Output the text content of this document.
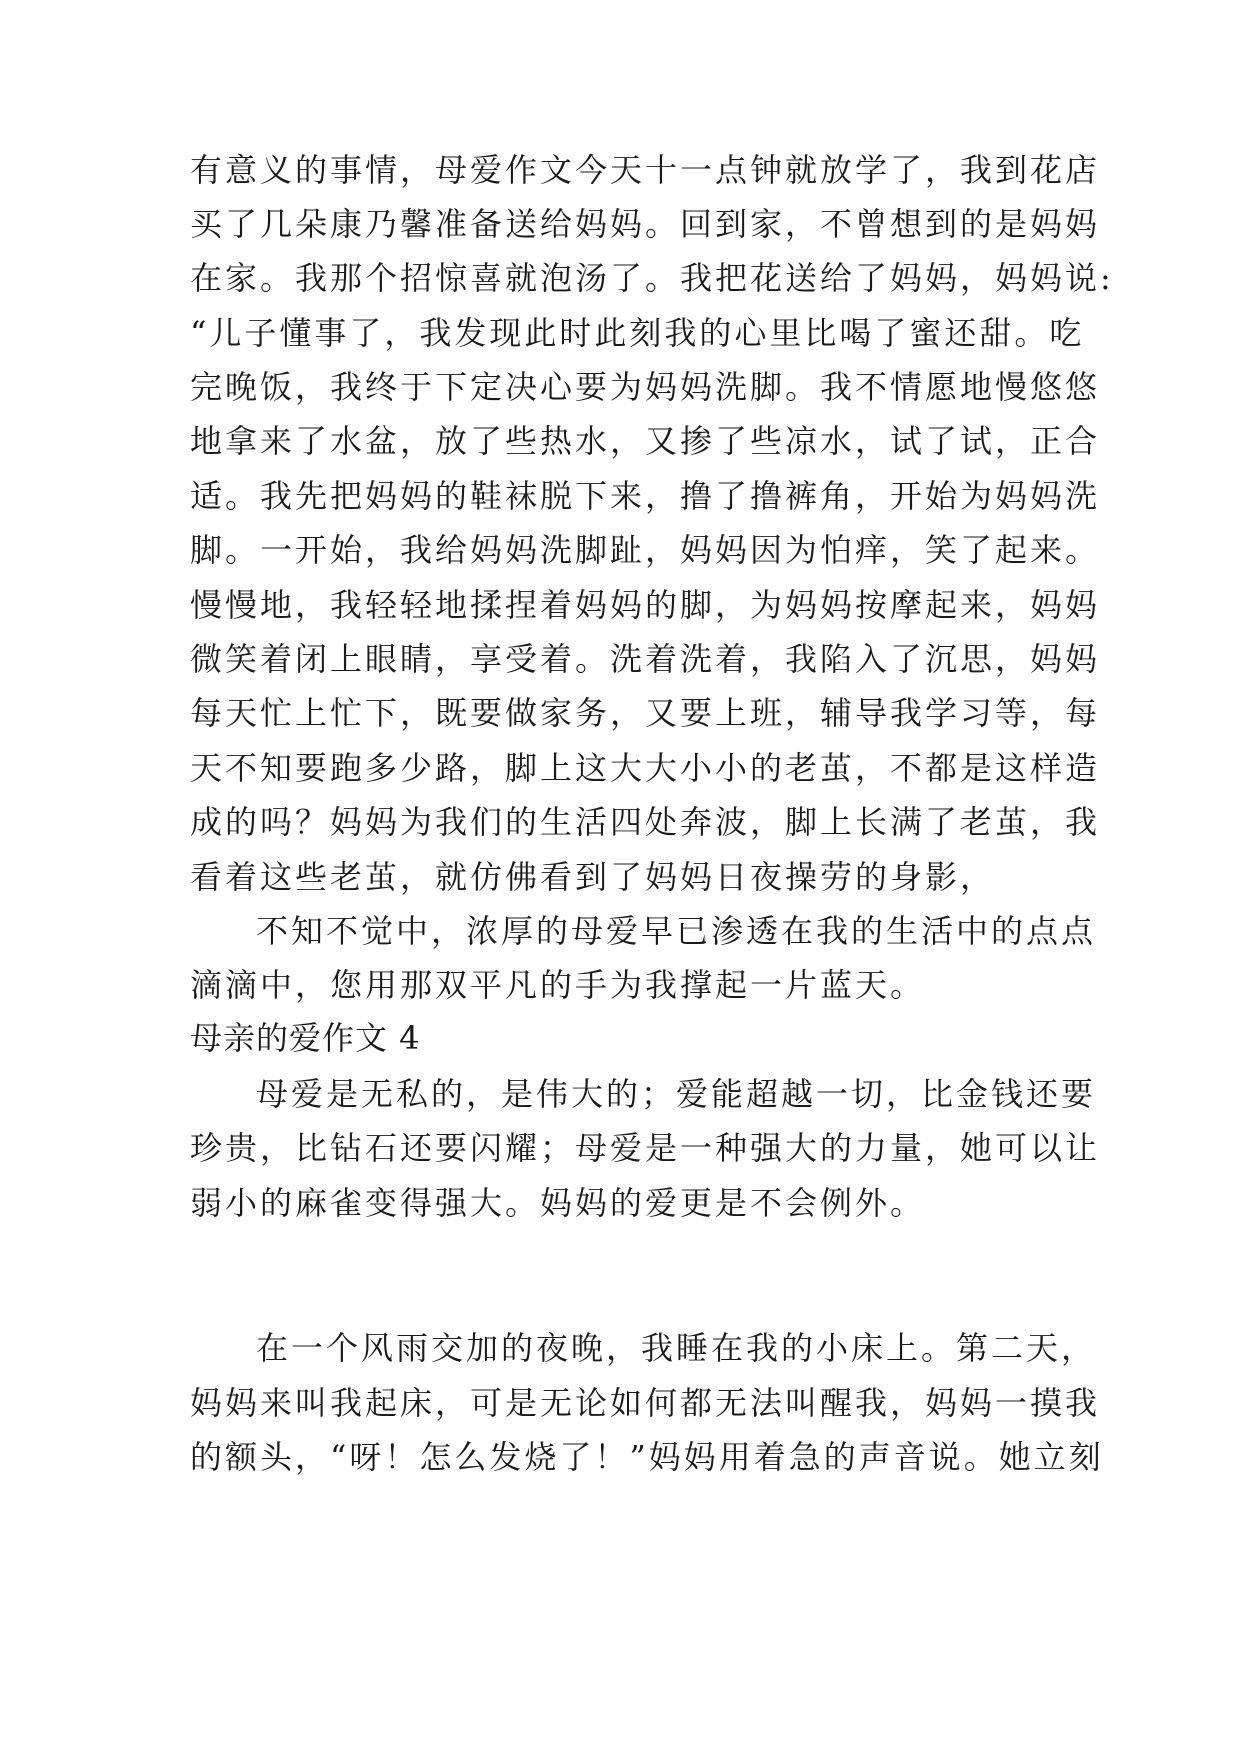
有意义的事情，母爱作文今天十一点钟就放学了，我到花店
买了几朵康乃馨准备送给妈妈。回到家，不曾想到的是妈妈
在家。我那个招惊喜就泡汤了。我把花送给了妈妈，妈妈说:
“儿子懂事了，我发现此时此刻我的心里比喝了蜜还甜。吃
完晚饭，我终于下定决心要为妈妈洗脚。我不情愿地慢悠悠
地拿来了水盆，放了些热水，又掺了些凉水，试了试，正合
适。我先把妈妈的鞋袜脱下来，撸了撸裤角，开始为妈妈洗
脚。一开始，我给妈妈洗脚趾，妈妈因为怕痒，笑了起来。
慢慢地，我轻轻地揉捏着妈妈的脚，为妈妈按摩起来，妈妈
微笑着闭上眼睛，享受着。洗着洗着，我陷入了沉思，妈妈
每天忙上忙下，既要做家务，又要上班，辅导我学习等，每
天不知要跑多少路，脚上这大大小小的老茧，不都是这样造
成的吗？妈妈为我们的生活四处奔波，脚上长满了老茧，我
看着这些老茧，就仿佛看到了妈妈日夜操劳的身影，
不知不觉中，浓厚的母爱早已渗透在我的生活中的点点
滴滴中，您用那双平凡的手为我撑起一片蓝天。
母亲的爱作文 4
母爱是无私的，是伟大的；爱能超越一切，比金钱还要
珍贵，比钻石还要闪耀；母爱是一种强大的力量，她可以让
弱小的麻雀变得强大。妈妈的爱更是不会例外。
在一个风雨交加的夜晚，我睡在我的小床上。第二天，
妈妈来叫我起床，可是无论如何都无法叫醒我，妈妈一摸我
的额头，“呀！怎么发烧了！”妈妈用着急的声音说。她立刻
